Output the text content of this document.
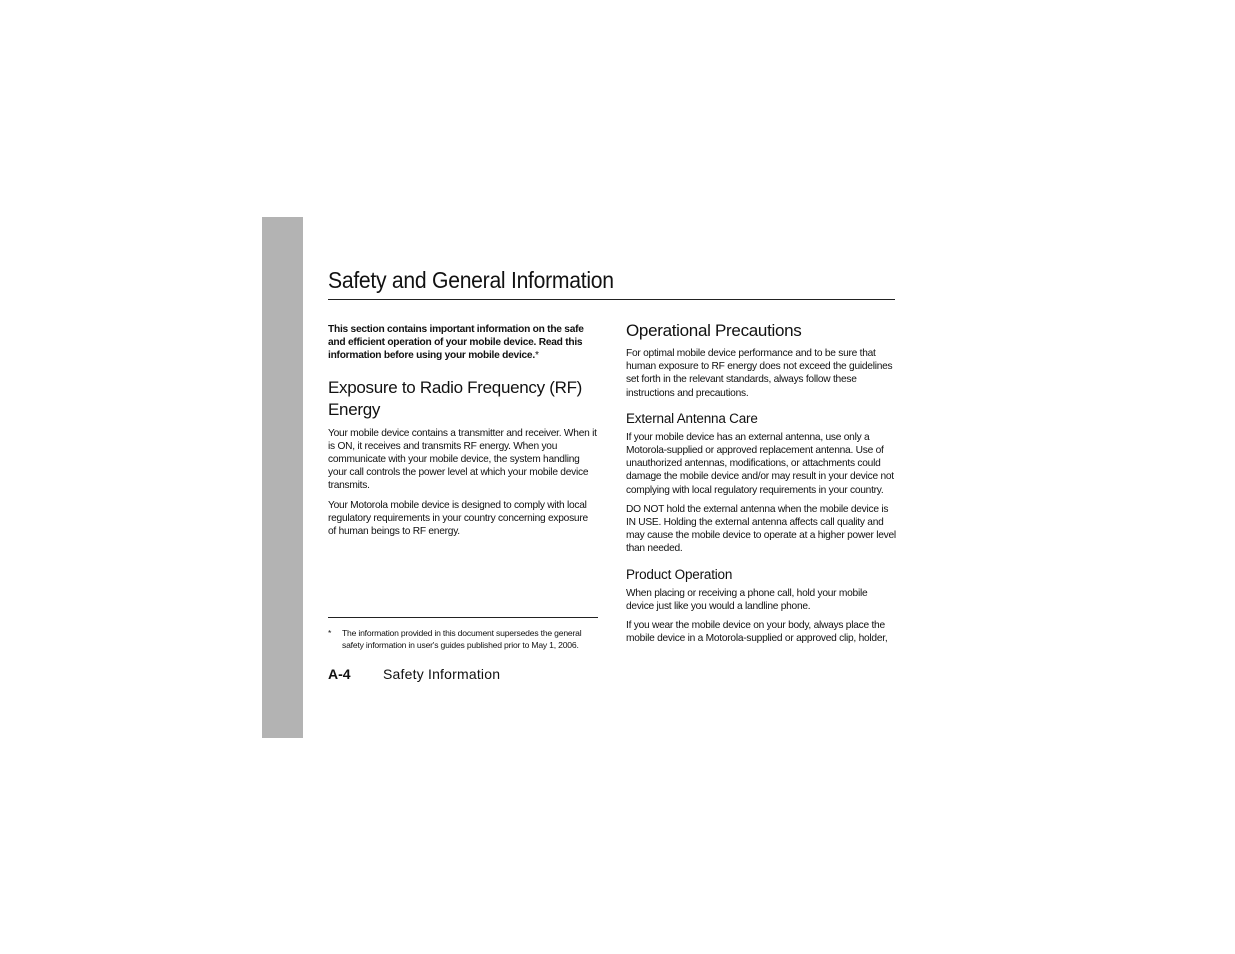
Safety and General Information

This section contains important information on the safe and efficient operation of your mobile device. Read this information before using your mobile device.*

Exposure to Radio Frequency (RF) Energy

Your mobile device contains a transmitter and receiver. When it is ON, it receives and transmits RF energy. When you communicate with your mobile device, the system handling your call controls the power level at which your mobile device transmits.

Your Motorola mobile device is designed to comply with local regulatory requirements in your country concerning exposure of human beings to RF energy.

Operational Precautions

For optimal mobile device performance and to be sure that human exposure to RF energy does not exceed the guidelines set forth in the relevant standards, always follow these instructions and precautions.

External Antenna Care

If your mobile device has an external antenna, use only a Motorola-supplied or approved replacement antenna. Use of unauthorized antennas, modifications, or attachments could damage the mobile device and/or may result in your device not complying with local regulatory requirements in your country.

DO NOT hold the external antenna when the mobile device is IN USE. Holding the external antenna affects call quality and may cause the mobile device to operate at a higher power level than needed.

Product Operation

When placing or receiving a phone call, hold your mobile device just like you would a landline phone.

If you wear the mobile device on your body, always place the mobile device in a Motorola-supplied or approved clip, holder,

*	The information provided in this document supersedes the general safety information in user's guides published prior to May 1, 2006.
A-4 Safety Information
